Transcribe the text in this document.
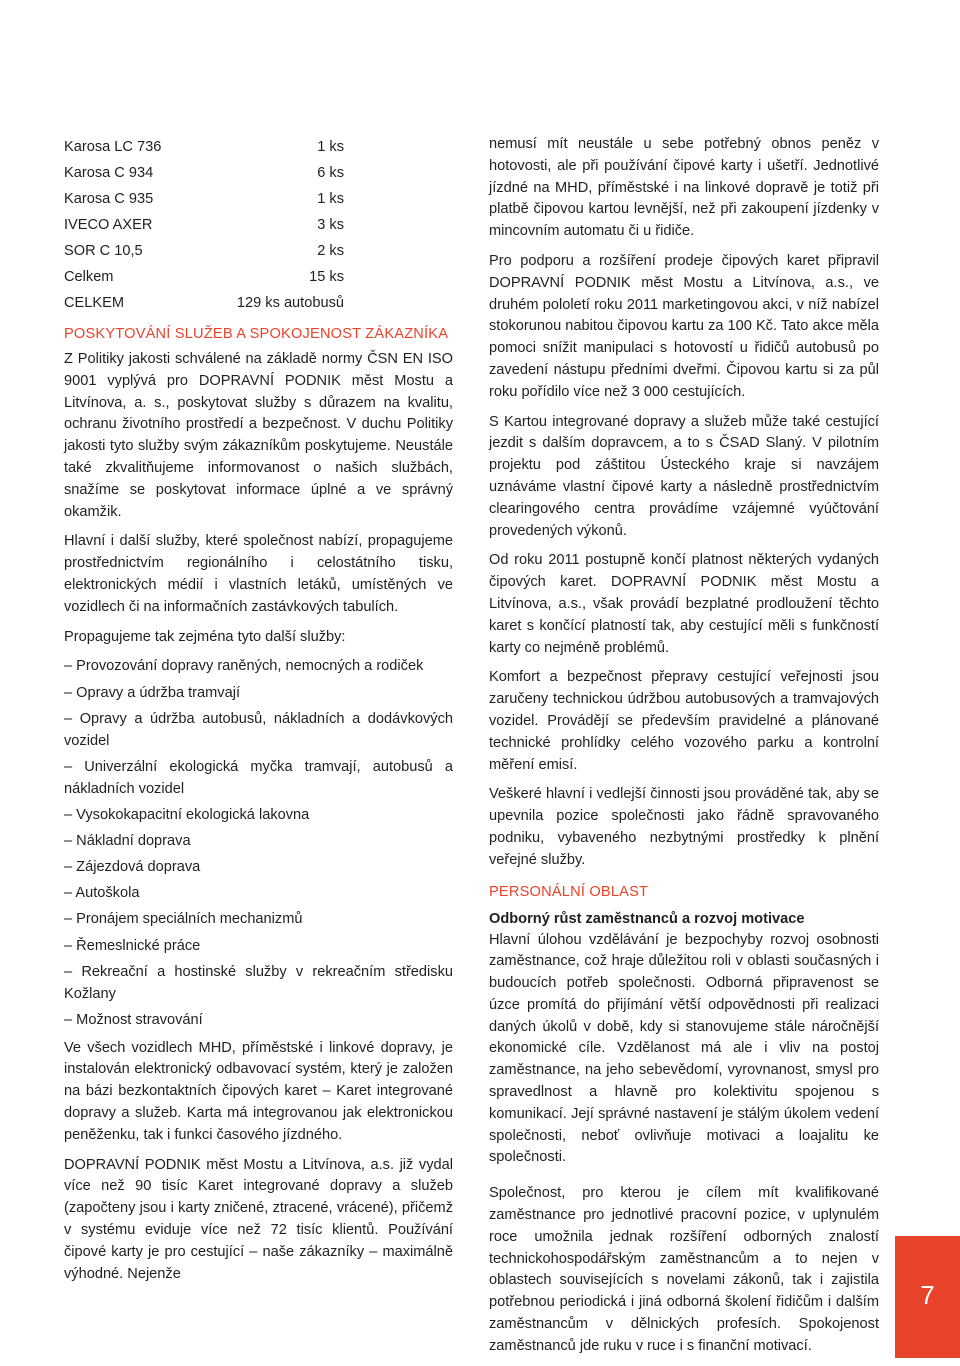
Karosa LC 736	1 ks
Karosa C 934	6 ks
Karosa C 935	1 ks
IVECO AXER	3 ks
SOR C 10,5	2 ks
Celkem	15 ks
CELKEM	129 ks autobusů
POSKYTOVÁNÍ SLUŽEB A SPOKOJENOST ZÁKAZNÍKA

Z Politiky jakosti schválené na základě normy ČSN EN ISO 9001 vyplývá pro DOPRAVNÍ PODNIK měst Mostu a Litvínova, a. s., poskytovat služby s důrazem na kvalitu, ochranu životního prostředí a bezpečnost. V duchu Politiky jakosti tyto služby svým zákazníkům poskytujeme. Neustále také zkvalitňujeme informovanost o našich službách, snažíme se poskytovat informace úplné a ve správný okamžik.

Hlavní i další služby, které společnost nabízí, propagujeme prostřednictvím regionálního i celostátního tisku, elektronických médií i vlastních letáků, umístěných ve vozidlech či na informačních zastávkových tabulích.

Propagujeme tak zejména tyto další služby:

– Provozování dopravy raněných, nemocných a rodiček
– Opravy a údržba tramvají
– Opravy a údržba autobusů, nákladních a dodávkových vozidel
– Univerzální ekologická myčka tramvají, autobusů a nákladních vozidel
– Vysokokapacitní ekologická lakovna
– Nákladní doprava
– Zájezdová doprava
– Autoškola
– Pronájem speciálních mechanizmů
– Řemeslnické práce
– Rekreační a hostinské služby v rekreačním středisku Kožlany
– Možnost stravování

Ve všech vozidlech MHD, příměstské i linkové dopravy, je instalován elektronický odbavovací systém, který je založen na bázi bezkontaktních čipových karet – Karet integrované dopravy a služeb. Karta má integrovanou jak elektronickou peněženku, tak i funkci časového jízdného.

DOPRAVNÍ PODNIK měst Mostu a Litvínova, a.s. již vydal více než 90 tisíc Karet integrované dopravy a služeb (započteny jsou i karty zničené, ztracené, vrácené), přičemž v systému eviduje více než 72 tisíc klientů. Používání čipové karty je pro cestující – naše zákazníky – maximálně výhodné. Nejenže

nemusí mít neustále u sebe potřebný obnos peněz v hotovosti, ale při používání čipové karty i ušetří. Jednotlivé jízdné na MHD, příměstské i na linkové dopravě je totiž při platbě čipovou kartou levnější, než při zakoupení jízdenky v mincovním automatu či u řidiče.

Pro podporu a rozšíření prodeje čipových karet připravil DOPRAVNÍ PODNIK měst Mostu a Litvínova, a.s., ve druhém pololetí roku 2011 marketingovou akci, v níž nabízel stokorunou nabitou čipovou kartu za 100 Kč. Tato akce měla pomoci snížit manipulaci s hotovostí u řidičů autobusů po zavedení nástupu předními dveřmi. Čipovou kartu si za půl roku pořídilo více než 3 000 cestujících.

S Kartou integrované dopravy a služeb může také cestující jezdit s dalším dopravcem, a to s ČSAD Slaný. V pilotním projektu pod záštitou Ústeckého kraje si navzájem uznáváme vlastní čipové karty a následně prostřednictvím clearingového centra provádíme vzájemné vyúčtování provedených výkonů.

Od roku 2011 postupně končí platnost některých vydaných čipových karet. DOPRAVNÍ PODNIK měst Mostu a Litvínova, a.s., však provádí bezplatné prodloužení těchto karet s končící platností tak, aby cestující měli s funkčností karty co nejméně problémů.

Komfort a bezpečnost přepravy cestující veřejnosti jsou zaručeny technickou údržbou autobusových a tramvajových vozidel. Provádějí se především pravidelné a plánované technické prohlídky celého vozového parku a kontrolní měření emisí.

Veškeré hlavní i vedlejší činnosti jsou prováděné tak, aby se upevnila pozice společnosti jako řádně spravovaného podniku, vybaveného nezbytnými prostředky k plnění veřejné služby.

PERSONÁLNÍ OBLAST
Odborný růst zaměstnanců a rozvoj motivace

Hlavní úlohou vzdělávání je bezpochyby rozvoj osobnosti zaměstnance, což hraje důležitou roli v oblasti současných i budoucích potřeb společnosti. Odborná připravenost se úzce promítá do přijímání větší odpovědnosti při realizaci daných úkolů v době, kdy si stanovujeme stále náročnější ekonomické cíle. Vzdělanost má ale i vliv na postoj zaměstnance, na jeho sebevědomí, vyrovnanost, smysl pro spravedlnost a hlavně pro kolektivitu spojenou s komunikací. Její správné nastavení je stálým úkolem vedení společnosti, neboť ovlivňuje motivaci a loajalitu ke společnosti.

Společnost, pro kterou je cílem mít kvalifikované zaměstnance pro jednotlivé pracovní pozice, v uplynulém roce umožnila jednak rozšíření odborných znalostí technickohospodářským zaměstnancům a to nejen v oblastech souvisejících s novelami zákonů, tak i zajistila potřebnou periodická i jiná odborná školení řidičům i dalším zaměstnancům v dělnických profesích. Spokojenost zaměstnanců jde ruku v ruce i s finanční motivací.

7
